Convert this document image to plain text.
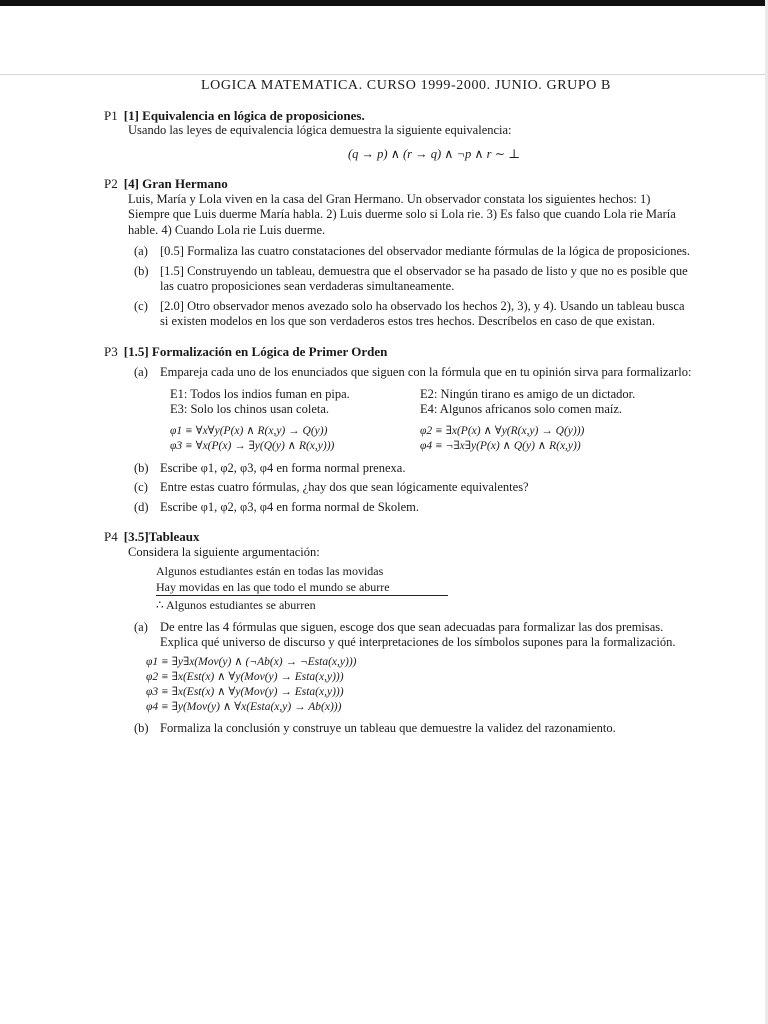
LOGICA MATEMATICA. CURSO 1999-2000. JUNIO. GRUPO B
P1 [1] Equivalencia en lógica de proposiciones.
Usando las leyes de equivalencia lógica demuestra la siguiente equivalencia:
(q → p) ∧ (r → q) ∧ ¬p ∧ r ∼ ⊥
P2 [4] Gran Hermano
Luis, María y Lola viven en la casa del Gran Hermano. Un observador constata los siguientes hechos: 1) Siempre que Luis duerme María habla. 2) Luis duerme solo si Lola rie. 3) Es falso que cuando Lola rie María hable. 4) Cuando Lola rie Luis duerme.
(a) [0.5] Formaliza las cuatro constataciones del observador mediante fórmulas de la lógica de proposiciones.
(b) [1.5] Construyendo un tableau, demuestra que el observador se ha pasado de listo y que no es posible que las cuatro proposiciones sean verdaderas simultaneamente.
(c) [2.0] Otro observador menos avezado solo ha observado los hechos 2), 3), y 4). Usando un tableau busca si existen modelos en los que son verdaderos estos tres hechos. Descríbelos en caso de que existan.
P3 [1.5] Formalización en Lógica de Primer Orden
(a) Empareja cada uno de los enunciados que siguen con la fórmula que en tu opinión sirva para formalizarlo:
E1: Todos los indios fuman en pipa.	E2: Ningún tirano es amigo de un dictador.
E3: Solo los chinos usan coleta.	E4: Algunos africanos solo comen maíz.
φ1 ≡ ∀x∀y(P(x) ∧ R(x,y) → Q(y))	φ2 ≡ ∃x(P(x) ∧ ∀y(R(x,y) → Q(y)))
φ3 ≡ ∀x(P(x) → ∃y(Q(y) ∧ R(x,y)))	φ4 ≡ ¬∃x∃y(P(x) ∧ Q(y) ∧ R(x,y))
(b) Escribe φ1, φ2, φ3, φ4 en forma normal prenexa.
(c) Entre estas cuatro fórmulas, ¿hay dos que sean lógicamente equivalentes?
(d) Escribe φ1, φ2, φ3, φ4 en forma normal de Skolem.
P4 [3.5]Tableaux
Considera la siguiente argumentación:
Algunos estudiantes están en todas las movidas
Hay movidas en las que todo el mundo se aburre
∴ Algunos estudiantes se aburren
(a) De entre las 4 fórmulas que siguen, escoge dos que sean adecuadas para formalizar las dos premisas. Explica qué universo de discurso y qué interpretaciones de los símbolos supones para la formalización.
φ1 ≡ ∃y∃x(Mov(y) ∧ (¬Ab(x) → ¬Esta(x,y)))
φ2 ≡ ∃x(Est(x) ∧ ∀y(Mov(y) → Esta(x,y)))
φ3 ≡ ∃x(Est(x) ∧ ∀y(Mov(y) → Esta(x,y)))
φ4 ≡ ∃y(Mov(y) ∧ ∀x(Esta(x,y) → Ab(x)))
(b) Formaliza la conclusión y construye un tableau que demuestre la validez del razonamiento.
